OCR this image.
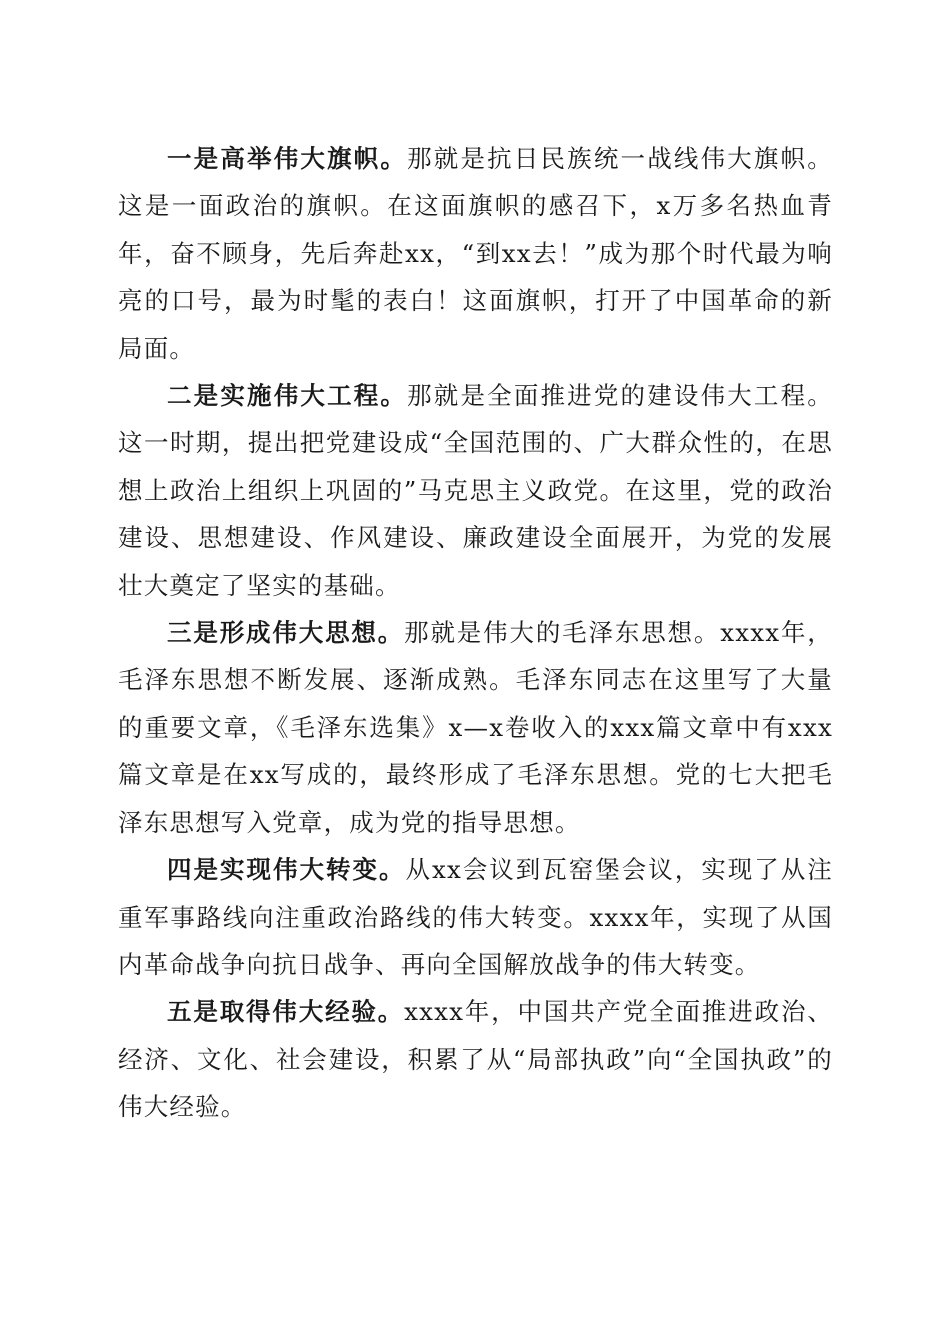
一是高举伟大旗帜。那就是抗日民族统一战线伟大旗帜。这是一面政治的旗帜。在这面旗帜的感召下，x万多名热血青年，奋不顾身，先后奔赴xx，“到xx去！”成为那个时代最为响亮的口号，最为时髦的表白！这面旗帜，打开了中国革命的新局面。

二是实施伟大工程。那就是全面推进党的建设伟大工程。这一时期，提出把党建设成“全国范围的、广大群众性的，在思想上政治上组织上巩固的”马克思主义政党。在这里，党的政治建设、思想建设、作风建设、廉政建设全面展开，为党的发展壮大奠定了坚实的基础。

三是形成伟大思想。那就是伟大的毛泽东思想。xxxx年，毛泽东思想不断发展、逐渐成熟。毛泽东同志在这里写了大量的重要文章，《毛泽东选集》x—x卷收入的xxx篇文章中有xxx篇文章是在xx写成的，最终形成了毛泽东思想。党的七大把毛泽东思想写入党章，成为党的指导思想。

四是实现伟大转变。从xx会议到瓦窑堡会议，实现了从注重军事路线向注重政治路线的伟大转变。xxxx年，实现了从国内革命战争向抗日战争、再向全国解放战争的伟大转变。

五是取得伟大经验。xxxx年，中国共产党全面推进政治、经济、文化、社会建设，积累了从“局部执政”向“全国执政”的伟大经验。
